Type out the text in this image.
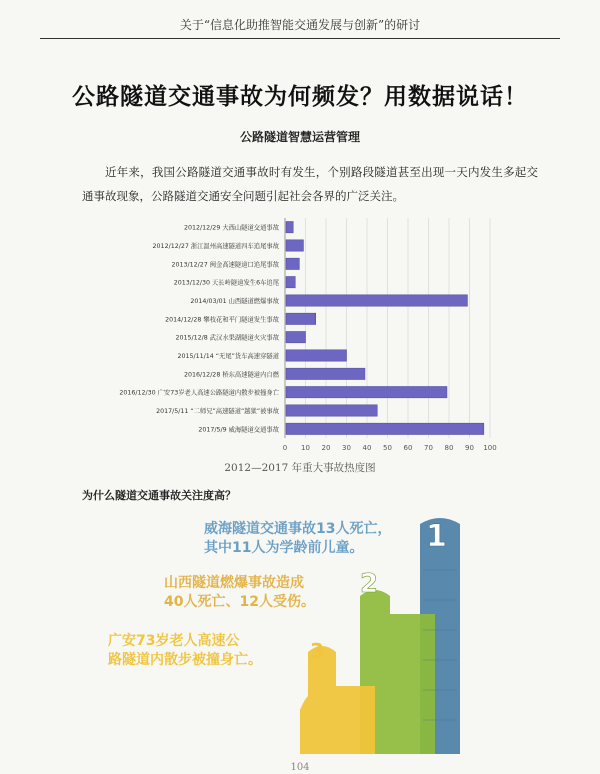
关于“信息化助推智能交通发展与创新”的研讨
公路隧道交通事故为何频发？用数据说话！
公路隧道智慧运营管理
近年来，我国公路隧道交通事故时有发生，个别路段隧道甚至出现一天内发生多起交通事故现象，公路隧道交通安全问题引起社会各界的广泛关注。
0 10 20 30 40 50 60 70 80 90 100
2012/12/29 大西山隧道交通事故
2012/12/27 浙江温州高速隧道四车追尾事故
2013/12/27 闽金高速隧道口追尾事故
2013/12/30 天长岭隧道发生6车追尾
2014/03/01 山西隧道燃爆事故
2014/12/28 攀枝花和平门隧道发生事故
2015/12/8 武汉水果湖隧道火灾事故
2015/11/14 “无尾”货车高速穿隧道
2016/12/28 桥东高速隧道内自燃
2016/12/30 广安73岁老人高速公路隧道内散步被撞身亡
2017/5/11 “二师兄”高速隧道“越狱”被事故
2017/5/9 威海隧道交通事故
2012—2017 年重大事故热度图
为什么隧道交通事故关注度高？
1
2
3
威海隧道交通事故13人死亡，
其中11人为学龄前儿童。
山西隧道燃爆事故造成
40人死亡、12人受伤。
广安73岁老人高速公
路隧道内散步被撞身亡。
104
